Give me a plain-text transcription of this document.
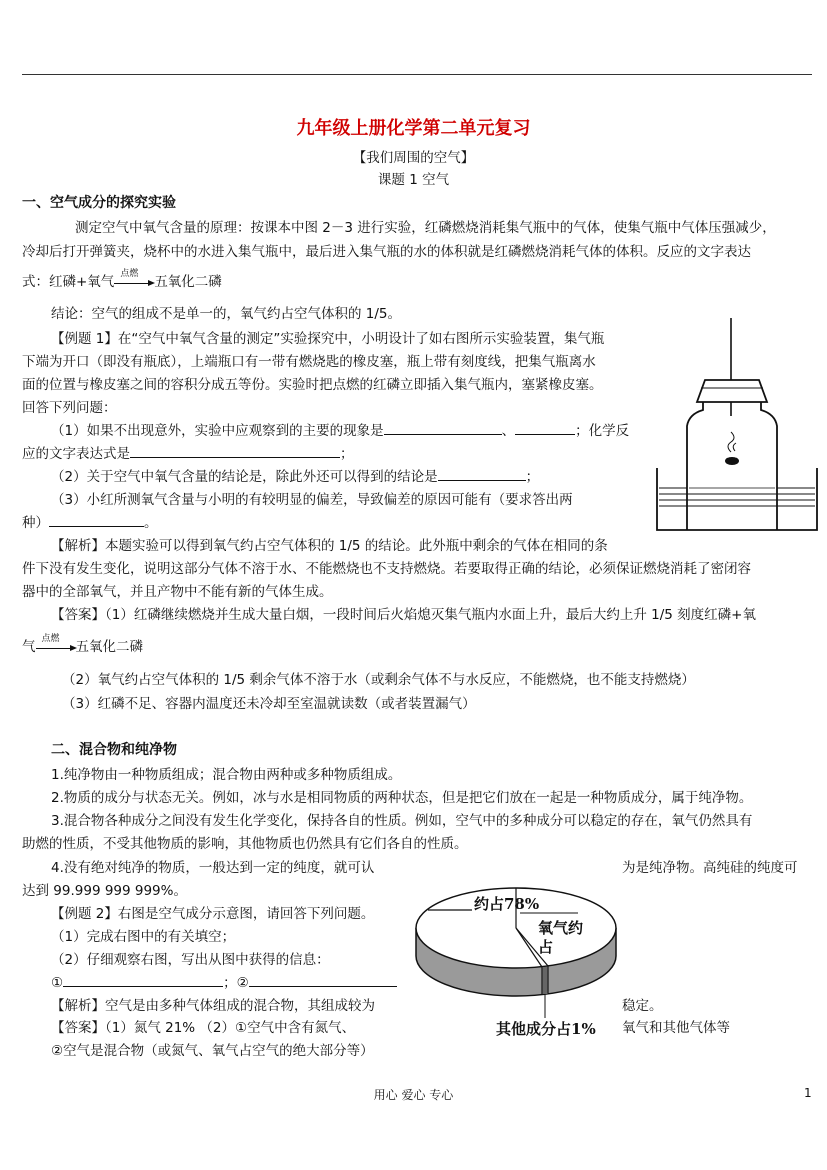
九年级上册化学第二单元复习
【我们周围的空气】
课题 1 空气
一、空气成分的探究实验
测定空气中氧气含量的原理：按课本中图 2－3 进行实验，红磷燃烧消耗集气瓶中的气体，使集气瓶中气体压强减少，
冷却后打开弹簧夹，烧杯中的水进入集气瓶中，最后进入集气瓶的水的体积就是红磷燃烧消耗气体的体积。反应的文字表达
式：红磷+氧气 点燃 五氧化二磷
结论：空气的组成不是单一的，氧气约占空气体积的 1/5。
【例题 1】在“空气中氧气含量的测定”实验探究中，小明设计了如右图所示实验装置，集气瓶
下端为开口（即没有瓶底），上端瓶口有一带有燃烧匙的橡皮塞，瓶上带有刻度线，把集气瓶离水
面的位置与橡皮塞之间的容积分成五等份。实验时把点燃的红磷立即插入集气瓶内，塞紧橡皮塞。
回答下列问题：
（1）如果不出现意外，实验中应观察到的主要的现象是	、	；化学反
应的文字表达式是	；
（2）关于空气中氧气含量的结论是，除此外还可以得到的结论是	；
（3）小红所测氧气含量与小明的有较明显的偏差，导致偏差的原因可能有（要求答出两
种）	。
【解析】本题实验可以得到氧气约占空气体积的 1/5 的结论。此外瓶中剩余的气体在相同的条
件下没有发生变化，说明这部分气体不溶于水、不能燃烧也不支持燃烧。若要取得正确的结论，必须保证燃烧消耗了密闭容
器中的全部氧气，并且产物中不能有新的气体生成。
【答案】（1）红磷继续燃烧并生成大量白烟，一段时间后火焰熄灭集气瓶内水面上升，最后大约上升 1/5 刻度红磷+氧
气 点燃 五氧化二磷
（2）氧气约占空气体积的 1/5 剩余气体不溶于水（或剩余气体不与水反应，不能燃烧，也不能支持燃烧）
（3）红磷不足、容器内温度还未冷却至室温就读数（或者装置漏气）
二、混合物和纯净物
1.纯净物由一种物质组成；混合物由两种或多种物质组成。
2.物质的成分与状态无关。例如，冰与水是相同物质的两种状态，但是把它们放在一起是一种物质成分，属于纯净物。
3.混合物各种成分之间没有发生化学变化，保持各自的性质。例如，空气中的多种成分可以稳定的存在，氧气仍然具有
助燃的性质，不受其他物质的影响，其他物质也仍然具有它们各自的性质。
4.没有绝对纯净的物质，一般达到一定的纯度，就可认	为是纯净物。高纯硅的纯度可
达到 99.999 999 999%。
【例题 2】右图是空气成分示意图，请回答下列问题。
（1）完成右图中的有关填空；
（2）仔细观察右图，写出从图中获得的信息：
①	；②
【解析】空气是由多种气体组成的混合物，其组成较为	稳定。
【答案】（1）氮气 21% （2）①空气中含有氮气、	氧气和其他气体等
②空气是混合物（或氮气、氧气占空气的绝大部分等）
约占78%
氧气约
占
其他成分占1%
用心 爱心 专心	1
